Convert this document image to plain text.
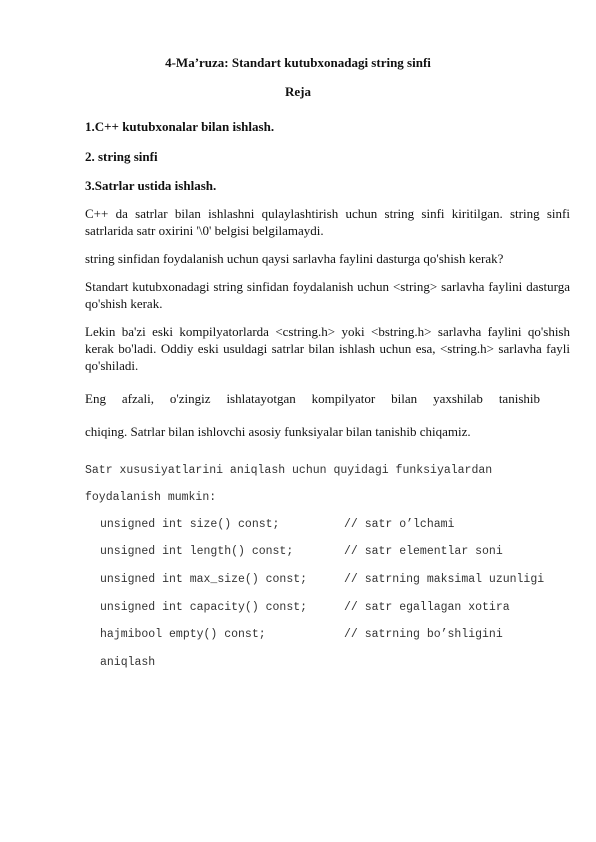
4-Ma’ruza: Standart kutubxonadagi string sinfi
Reja
1.C++ kutubxonalar bilan ishlash.
2. string sinfi
3.Satrlar ustida ishlash.
C++ da satrlar bilan ishlashni qulaylashtirish uchun string sinfi kiritilgan. string sinfi satrlarida satr oxirini '\0' belgisi belgilamaydi.
string sinfidan foydalanish uchun qaysi sarlavha faylini dasturga qo'shish kerak?
Standart kutubxonadagi string sinfidan foydalanish uchun <string> sarlavha faylini dasturga qo'shish kerak.
Lekin ba'zi eski kompilyatorlarda <cstring.h> yoki <bstring.h> sarlavha faylini qo'shish kerak bo'ladi. Oddiy eski usuldagi satrlar bilan ishlash uchun esa, <string.h> sarlavha fayli qo'shiladi.
Eng afzali, o'zingiz ishlatayotgan kompilyator bilan yaxshilab tanishib
chiqing. Satrlar bilan ishlovchi asosiy funksiyalar bilan tanishib chiqamiz.
Satr xususiyatlarini aniqlash uchun quyidagi funksiyalardan
foydalanish mumkin:
unsigned int size() const;	// satr o’lchami
unsigned int length() const;	// satr elementlar soni
unsigned int max_size() const;	// satrning maksimal uzunligi
unsigned int capacity() const;	// satr egallagan xotira
hajmibool empty() const;	// satrning bo’shligini
aniqlash
